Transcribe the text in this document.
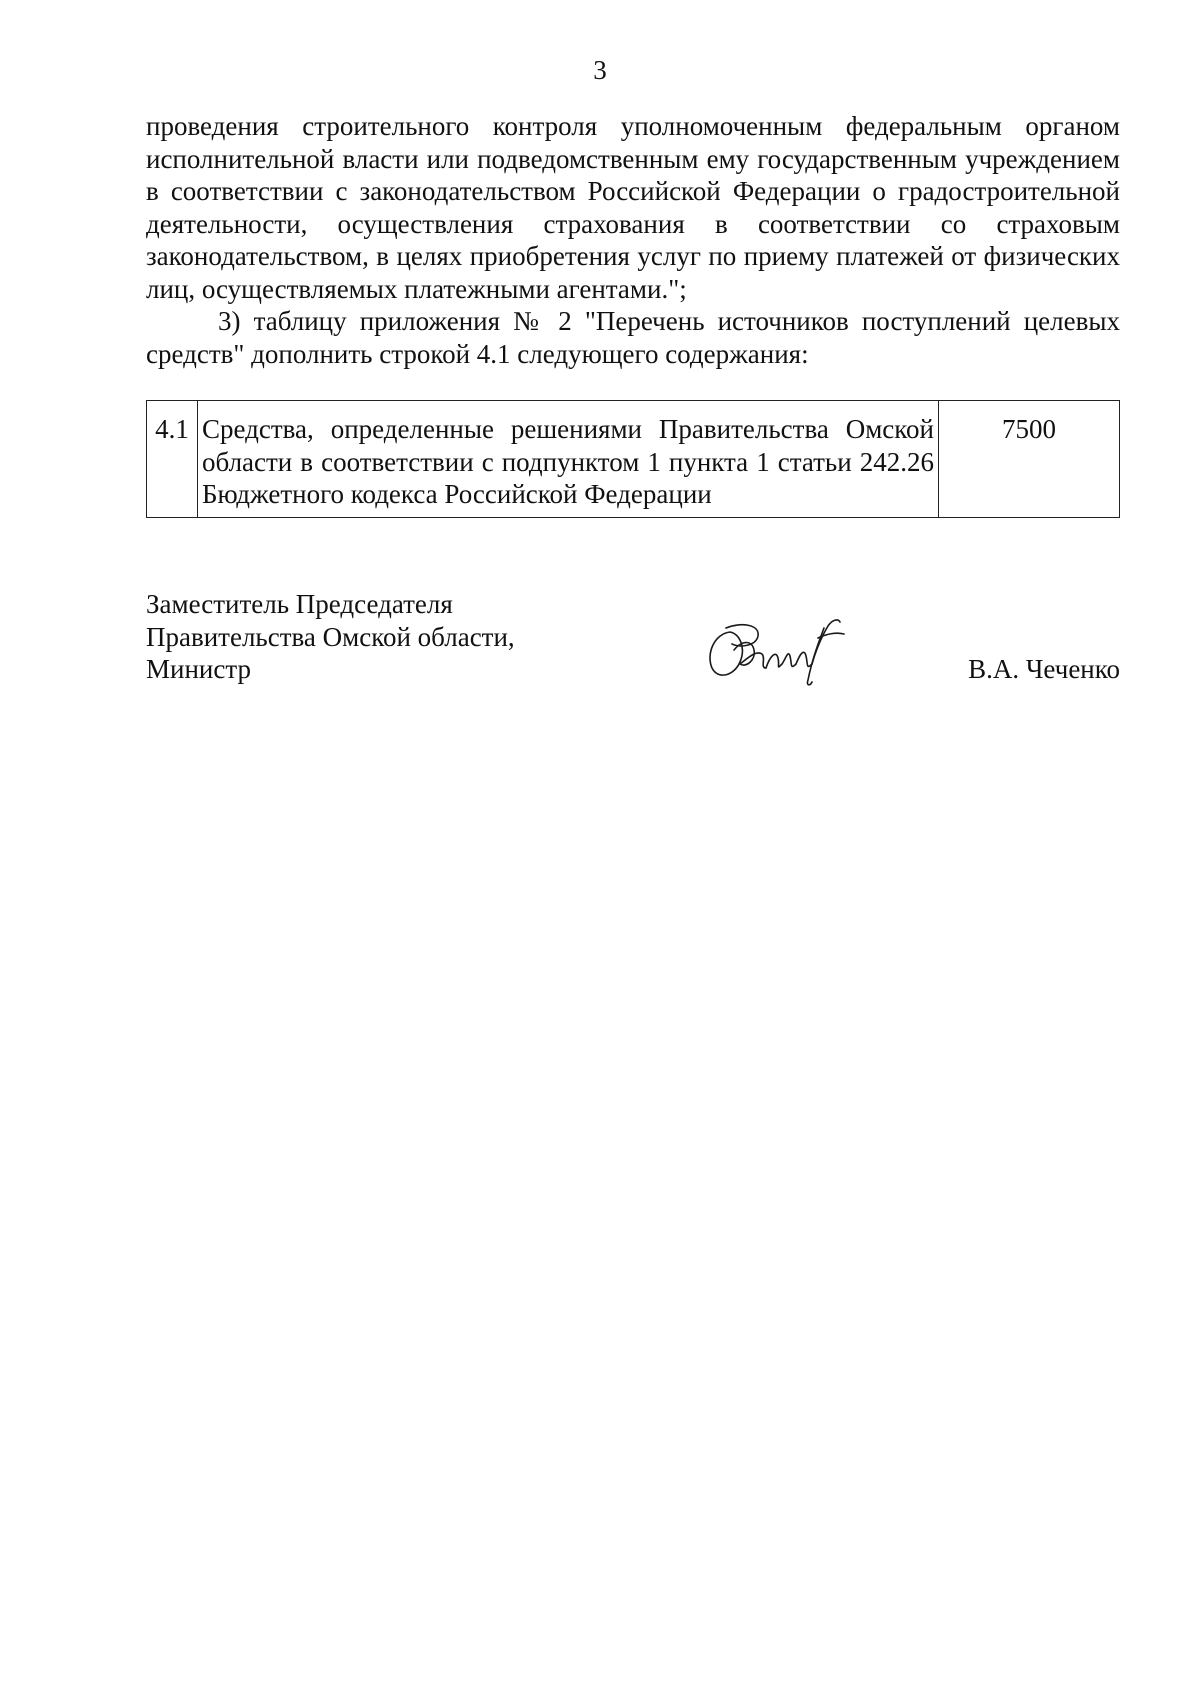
3

проведения строительного контроля уполномоченным федеральным органом исполнительной власти или подведомственным ему государственным учреждением в соответствии с законодательством Российской Федерации о градостроительной деятельности, осуществления страхования в соответствии со страховым законодательством, в целях приобретения услуг по приему платежей от физических лиц, осуществляемых платежными агентами.";

3) таблицу приложения № 2 "Перечень источников поступлений целевых средств" дополнить строкой 4.1 следующего содержания:

4.1	Средства, определенные решениями Правительства Омской области в соответствии с подпунктом 1 пункта 1 статьи 242.26 Бюджетного кодекса Российской Федерации	7500
Заместитель Председателя
Правительства Омской области,
Министр	В.А. Чеченко
